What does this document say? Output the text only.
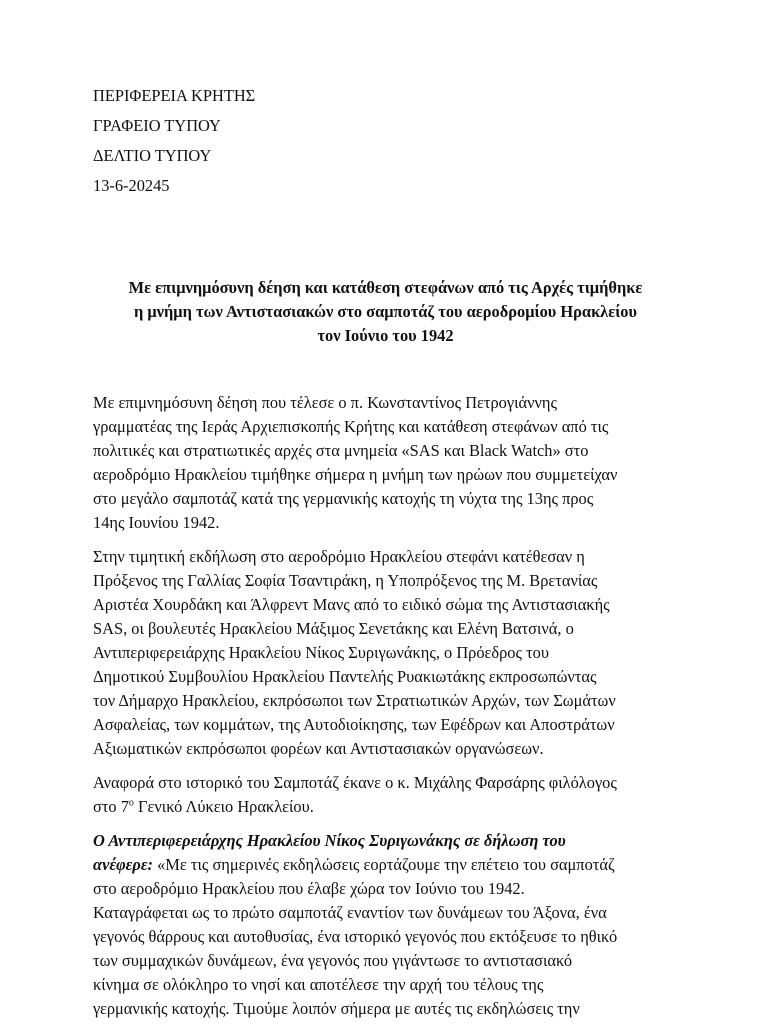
ΠΕΡΙΦΕΡΕΙΑ ΚΡΗΤΗΣ
ΓΡΑΦΕΙΟ ΤΥΠΟΥ
ΔΕΛΤΙΟ ΤΥΠΟΥ
13-6-20245
Με επιμνημόσυνη δέηση και κατάθεση στεφάνων από τις Αρχές τιμήθηκε
η μνήμη των Αντιστασιακών στο σαμποτάζ του αεροδρομίου Ηρακλείου
τον Ιούνιο του 1942
Με επιμνημόσυνη δέηση που τέλεσε ο π. Κωνσταντίνος Πετρογιάννης
γραμματέας της Ιεράς Αρχιεπισκοπής Κρήτης και κατάθεση στεφάνων από τις
πολιτικές και στρατιωτικές αρχές στα μνημεία «SAS και Black Watch» στο
αεροδρόμιο Ηρακλείου τιμήθηκε σήμερα η μνήμη των ηρώων που συμμετείχαν
στο μεγάλο σαμποτάζ κατά της γερμανικής κατοχής τη νύχτα της 13ης προς
14ης Ιουνίου 1942.
Στην τιμητική εκδήλωση στο αεροδρόμιο Ηρακλείου στεφάνι κατέθεσαν η
Πρόξενος της Γαλλίας Σοφία Τσαντιράκη, η Υποπρόξενος της Μ. Βρετανίας
Αριστέα Χουρδάκη και Άλφρεντ Μανς από το ειδικό σώμα της Αντιστασιακής
SAS, οι βουλευτές Ηρακλείου Μάξιμος Σενετάκης και Ελένη Βατσινά, ο
Αντιπεριφερειάρχης Ηρακλείου Νίκος Συριγωνάκης, ο Πρόεδρος του
Δημοτικού Συμβουλίου Ηρακλείου Παντελής Ρυακιωτάκης εκπροσωπώντας
τον Δήμαρχο Ηρακλείου, εκπρόσωποι των Στρατιωτικών Αρχών, των Σωμάτων
Ασφαλείας, των κομμάτων, της Αυτοδιοίκησης, των Εφέδρων και Αποστράτων
Αξιωματικών εκπρόσωποι φορέων και Αντιστασιακών οργανώσεων.
Αναφορά στο ιστορικό του Σαμποτάζ έκανε ο κ. Μιχάλης Φαρσάρης φιλόλογος
στο $7^o$ Γενικό Λύκειο Ηρακλείου.
Ο Αντιπεριφερειάρχης Ηρακλείου Νίκος Συριγωνάκης σε δήλωση του
ανέφερε: «Με τις σημερινές εκδηλώσεις εορτάζουμε την επέτειο του σαμποτάζ
στο αεροδρόμιο Ηρακλείου που έλαβε χώρα τον Ιούνιο του 1942.
Καταγράφεται ως το πρώτο σαμποτάζ εναντίον των δυνάμεων του Άξονα, ένα
γεγονός θάρρους και αυτοθυσίας, ένα ιστορικό γεγονός που εκτόξευσε το ηθικό
των συμμαχικών δυνάμεων, ένα γεγονός που γιγάντωσε το αντιστασιακό
κίνημα σε ολόκληρο το νησί και αποτέλεσε την αρχή του τέλους της
γερμανικής κατοχής. Τιμούμε λοιπόν σήμερα με αυτές τις εκδηλώσεις την
